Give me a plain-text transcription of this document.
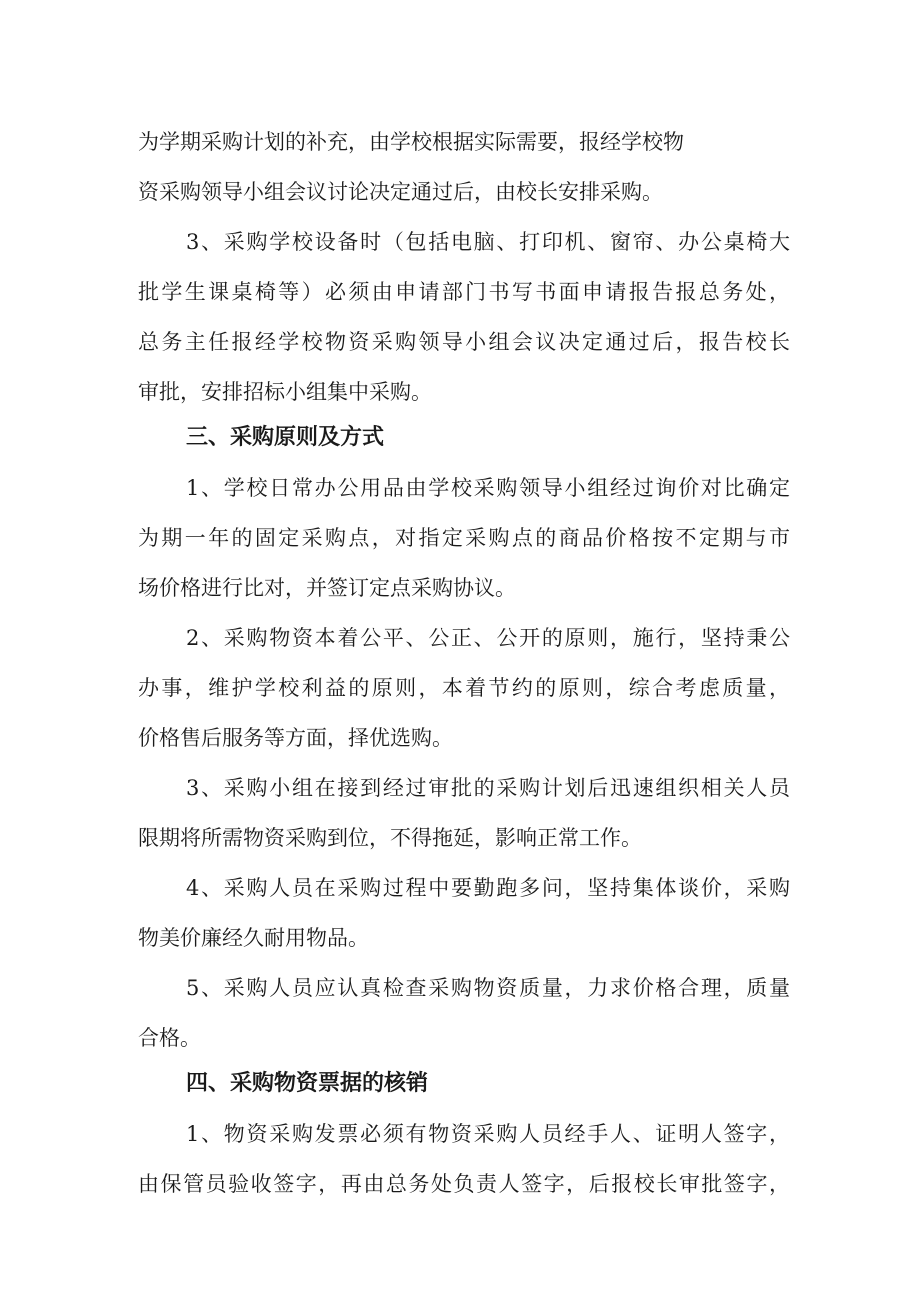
为学期采购计划的补充，由学校根据实际需要，报经学校物
资采购领导小组会议讨论决定通过后，由校长安排采购。
3、采购学校设备时（包括电脑、打印机、窗帘、办公桌椅大
批学生课桌椅等）必须由申请部门书写书面申请报告报总务处，
总务主任报经学校物资采购领导小组会议决定通过后，报告校长
审批，安排招标小组集中采购。
三、采购原则及方式
1、学校日常办公用品由学校采购领导小组经过询价对比确定
为期一年的固定采购点，对指定采购点的商品价格按不定期与市
场价格进行比对，并签订定点采购协议。
2、采购物资本着公平、公正、公开的原则，施行，坚持秉公
办事，维护学校利益的原则，本着节约的原则，综合考虑质量，
价格售后服务等方面，择优选购。
3、采购小组在接到经过审批的采购计划后迅速组织相关人员
限期将所需物资采购到位，不得拖延，影响正常工作。
4、采购人员在采购过程中要勤跑多问，坚持集体谈价，采购
物美价廉经久耐用物品。
5、采购人员应认真检查采购物资质量，力求价格合理，质量
合格。
四、采购物资票据的核销
1、物资采购发票必须有物资采购人员经手人、证明人签字，
由保管员验收签字，再由总务处负责人签字，后报校长审批签字，
